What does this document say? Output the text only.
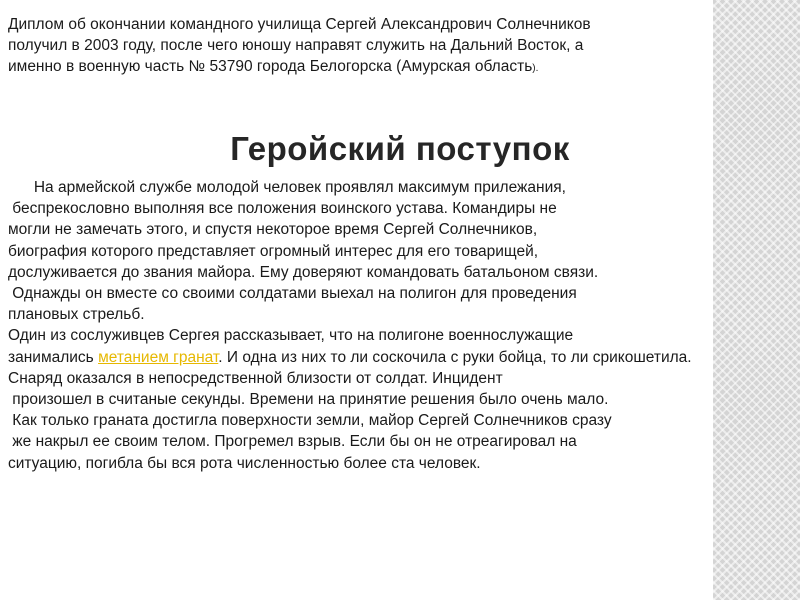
Диплом об окончании командного училища Сергей Александрович Солнечников
получил в 2003 году, после чего юношу направят служить на Дальний Восток, а
именно в военную часть № 53790 города Белогорска (Амурская область).
Геройский поступок
На армейской службе молодой человек проявлял максимум прилежания,
беспрекословно выполняя все положения воинского устава. Командиры не
могли не замечать этого, и спустя некоторое время Сергей Солнечников,
биография которого представляет огромный интерес для его товарищей,
дослуживается до звания майора. Ему доверяют командовать батальоном связи.
Однажды он вместе со своими солдатами выехал на полигон для проведения
плановых стрельб.
Один из сослуживцев Сергея рассказывает, что на полигоне военнослужащие
занимались метанием гранат. И одна из них то ли соскочила с руки бойца, то ли срикошетила.
Снаряд оказался в непосредственной близости от солдат. Инцидент
произошел в считаные секунды. Времени на принятие решения было очень мало.
Как только граната достигла поверхности земли, майор Сергей Солнечников сразу
же накрыл ее своим телом. Прогремел взрыв. Если бы он не отреагировал на
ситуацию, погибла бы вся рота численностью более ста человек.
